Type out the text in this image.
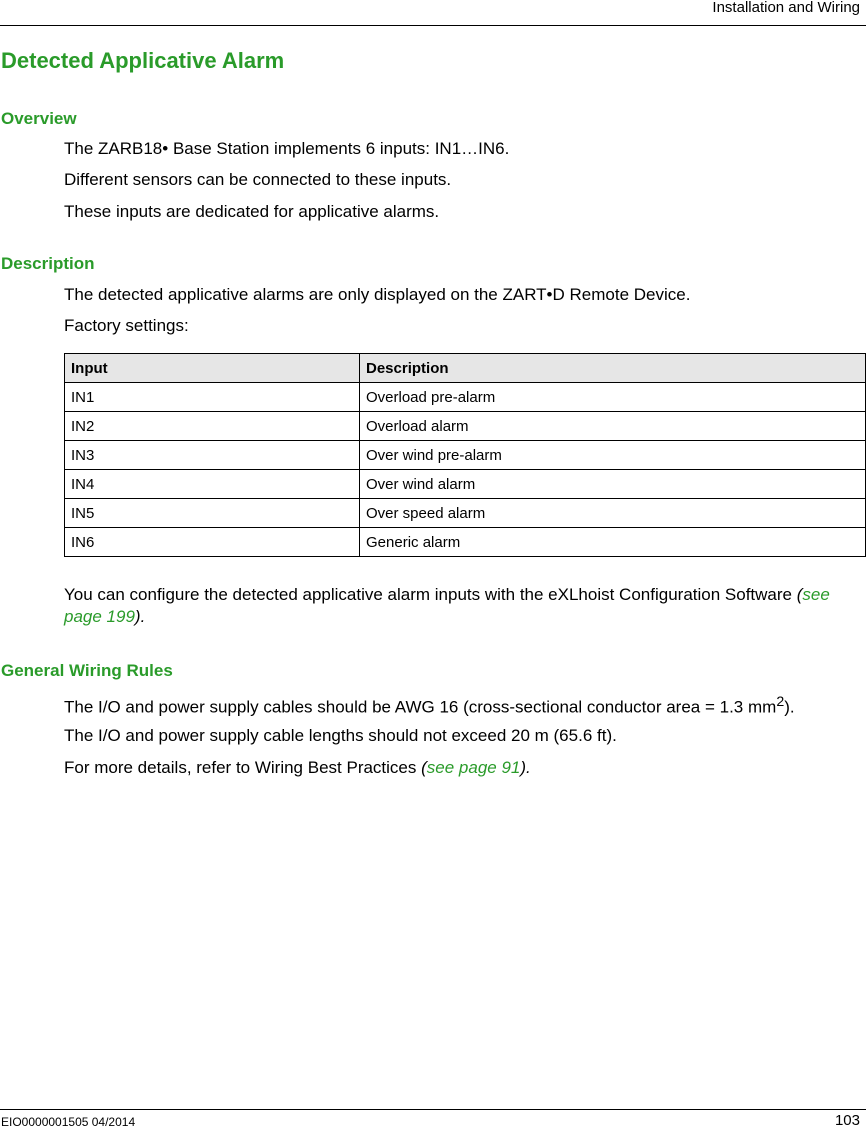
Installation and Wiring
Detected Applicative Alarm
Overview

The ZARB18• Base Station implements 6 inputs: IN1…IN6.

Different sensors can be connected to these inputs.

These inputs are dedicated for applicative alarms.

Description

The detected applicative alarms are only displayed on the ZART•D Remote Device.

Factory settings:

Input	Description
IN1	Overload pre-alarm
IN2	Overload alarm
IN3	Over wind pre-alarm
IN4	Over wind alarm
IN5	Over speed alarm
IN6	Generic alarm

You can configure the detected applicative alarm inputs with the eXLhoist Configuration Software (see page 199).

General Wiring Rules

The I/O and power supply cables should be AWG 16 (cross-sectional conductor area = 1.3 $mm^2$).

The I/O and power supply cable lengths should not exceed 20 m (65.6 ft).

For more details, refer to Wiring Best Practices (see page 91).

EIO0000001505 04/2014	103
